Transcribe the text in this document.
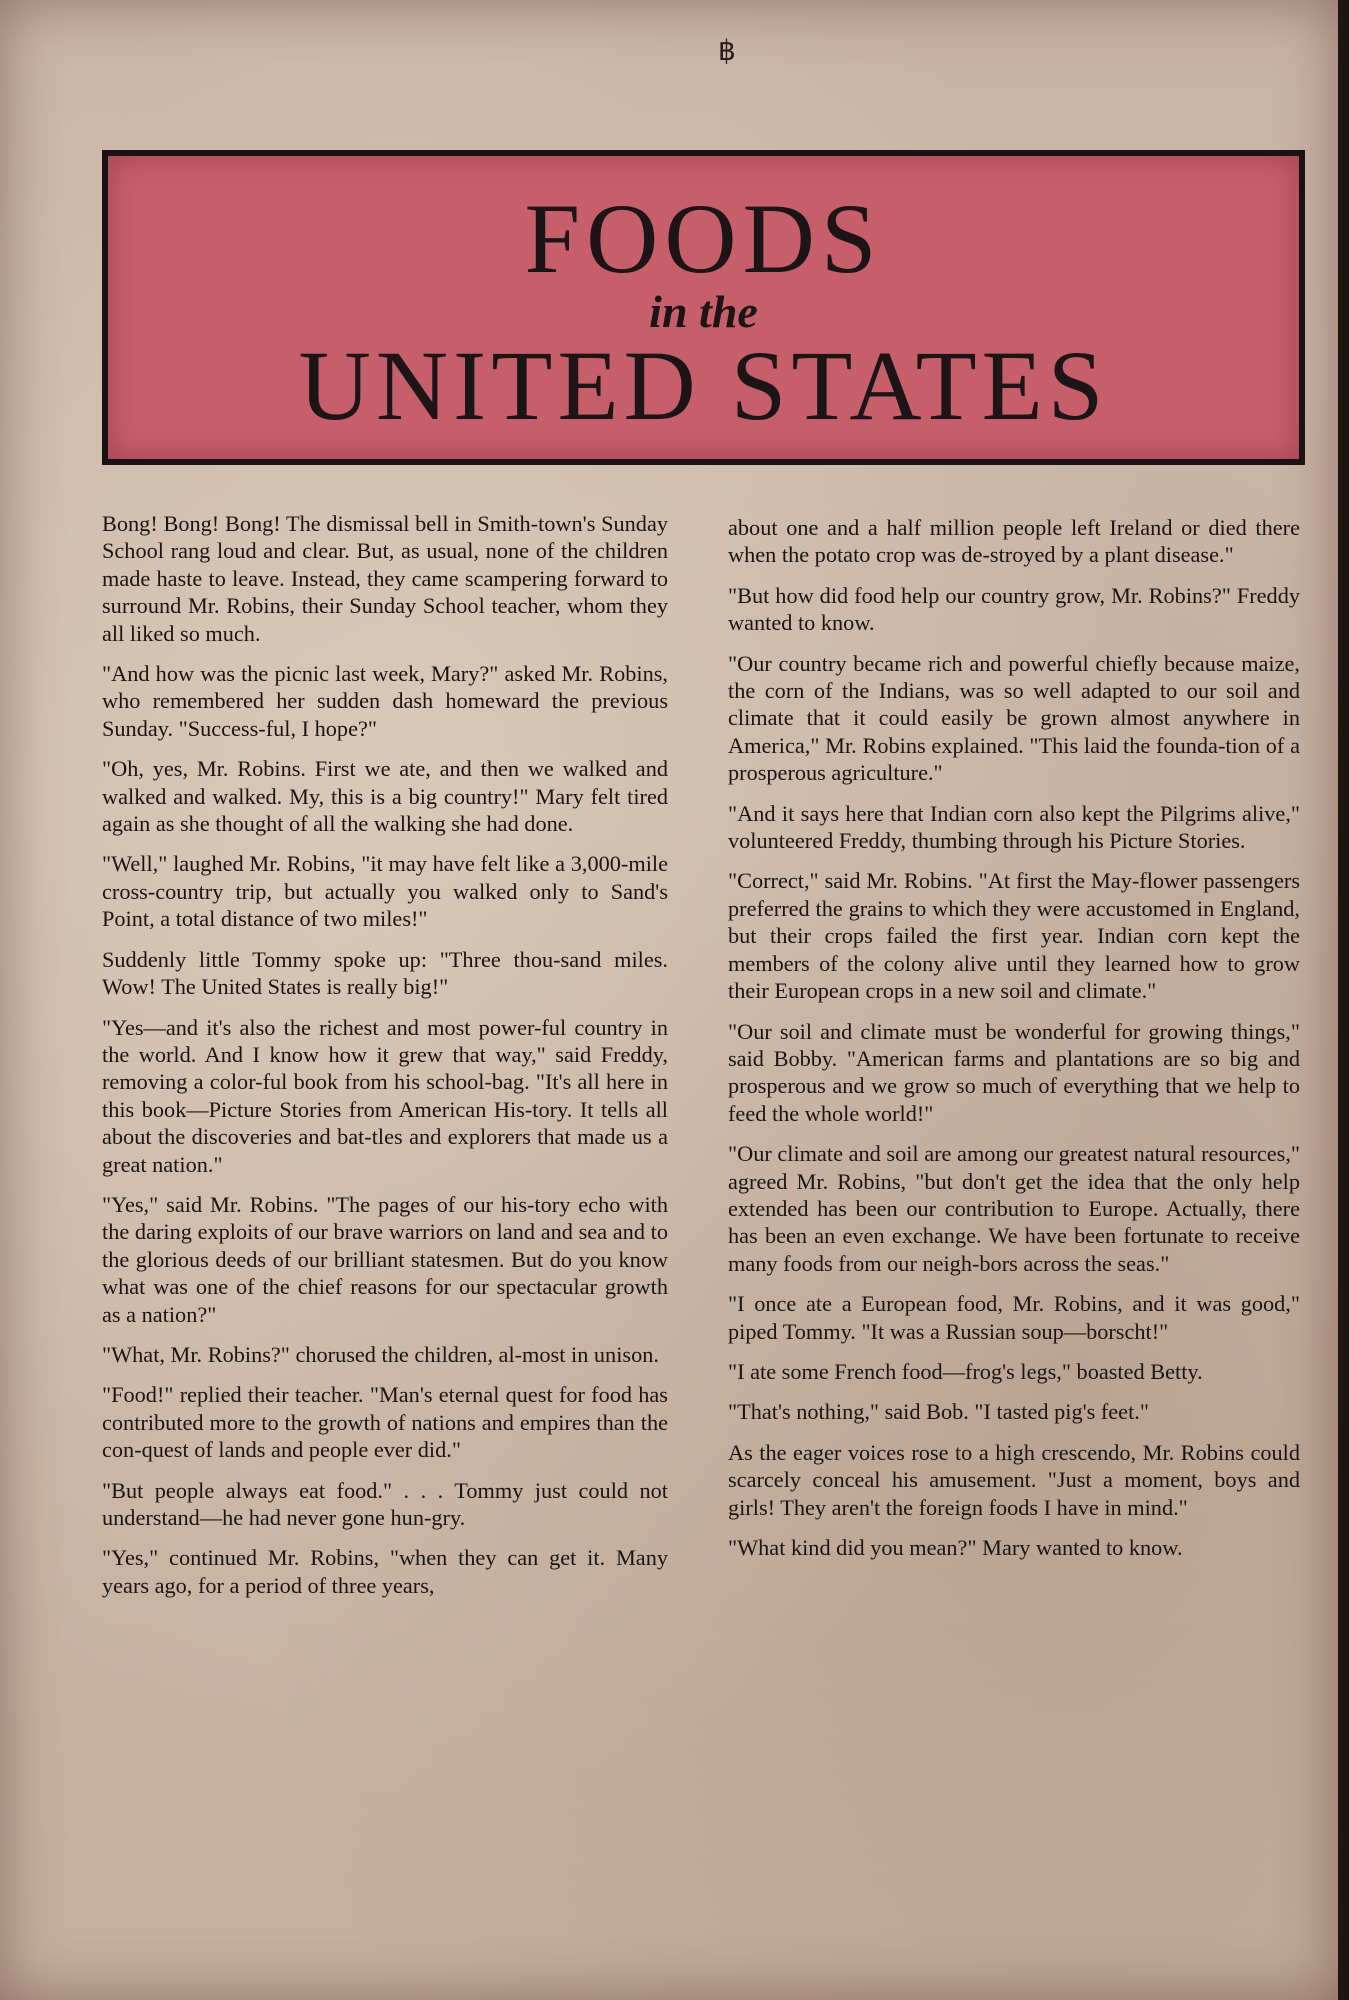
FOODS
in the
UNITED STATES

Bong! Bong! Bong! The dismissal bell in Smith-town's Sunday School rang loud and clear. But, as usual, none of the children made haste to leave. Instead, they came scampering forward to surround Mr. Robins, their Sunday School teacher, whom they all liked so much.

"And how was the picnic last week, Mary?" asked Mr. Robins, who remembered her sudden dash homeward the previous Sunday. "Success-ful, I hope?"

"Oh, yes, Mr. Robins. First we ate, and then we walked and walked and walked. My, this is a big country!" Mary felt tired again as she thought of all the walking she had done.

"Well," laughed Mr. Robins, "it may have felt like a 3,000-mile cross-country trip, but actually you walked only to Sand's Point, a total distance of two miles!"

Suddenly little Tommy spoke up: "Three thou-sand miles. Wow! The United States is really big!"

"Yes—and it's also the richest and most power-ful country in the world. And I know how it grew that way," said Freddy, removing a color-ful book from his school-bag. "It's all here in this book—Picture Stories from American His-tory. It tells all about the discoveries and bat-tles and explorers that made us a great nation."

"Yes," said Mr. Robins. "The pages of our his-tory echo with the daring exploits of our brave warriors on land and sea and to the glorious deeds of our brilliant statesmen. But do you know what was one of the chief reasons for our spectacular growth as a nation?"

"What, Mr. Robins?" chorused the children, al-most in unison.

"Food!" replied their teacher. "Man's eternal quest for food has contributed more to the growth of nations and empires than the con-quest of lands and people ever did."

"But people always eat food." . . . Tommy just could not understand—he had never gone hun-gry.

"Yes," continued Mr. Robins, "when they can get it. Many years ago, for a period of three years,

about one and a half million people left Ireland or died there when the potato crop was de-stroyed by a plant disease."

"But how did food help our country grow, Mr. Robins?" Freddy wanted to know.

"Our country became rich and powerful chiefly because maize, the corn of the Indians, was so well adapted to our soil and climate that it could easily be grown almost anywhere in America," Mr. Robins explained. "This laid the founda-tion of a prosperous agriculture."

"And it says here that Indian corn also kept the Pilgrims alive," volunteered Freddy, thumbing through his Picture Stories.

"Correct," said Mr. Robins. "At first the May-flower passengers preferred the grains to which they were accustomed in England, but their crops failed the first year. Indian corn kept the members of the colony alive until they learned how to grow their European crops in a new soil and climate."

"Our soil and climate must be wonderful for growing things," said Bobby. "American farms and plantations are so big and prosperous and we grow so much of everything that we help to feed the whole world!"

"Our climate and soil are among our greatest natural resources," agreed Mr. Robins, "but don't get the idea that the only help extended has been our contribution to Europe. Actually, there has been an even exchange. We have been fortunate to receive many foods from our neigh-bors across the seas."

"I once ate a European food, Mr. Robins, and it was good," piped Tommy. "It was a Russian soup—borscht!"

"I ate some French food—frog's legs," boasted Betty.

"That's nothing," said Bob. "I tasted pig's feet."

As the eager voices rose to a high crescendo, Mr. Robins could scarcely conceal his amusement. "Just a moment, boys and girls! They aren't the foreign foods I have in mind."

"What kind did you mean?" Mary wanted to know.

฿
